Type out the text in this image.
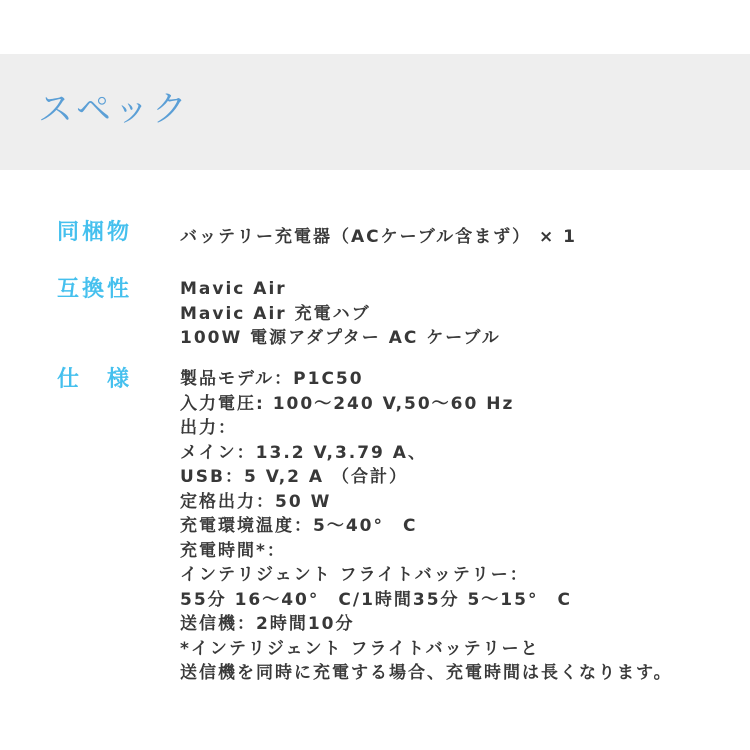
スペック
同梱物	バッテリー充電器（ACケーブル含まず） × 1
互換性	Mavic Air
Mavic Air 充電ハブ
100W 電源アダプター AC ケーブル
仕様	製品モデル：P1C50
入力電圧: 100～240 V,50～60 Hz
出力：
メイン：13.2 V,3.79 A、
USB：5 V,2 A （合計）
定格出力：50 W
充電環境温度：5～40°　C
充電時間*：
インテリジェント フライトバッテリー：
55分 16～40°　C/1時間35分 5～15°　C
送信機：2時間10分
*インテリジェント フライトバッテリーと
送信機を同時に充電する場合、充電時間は長くなります。
